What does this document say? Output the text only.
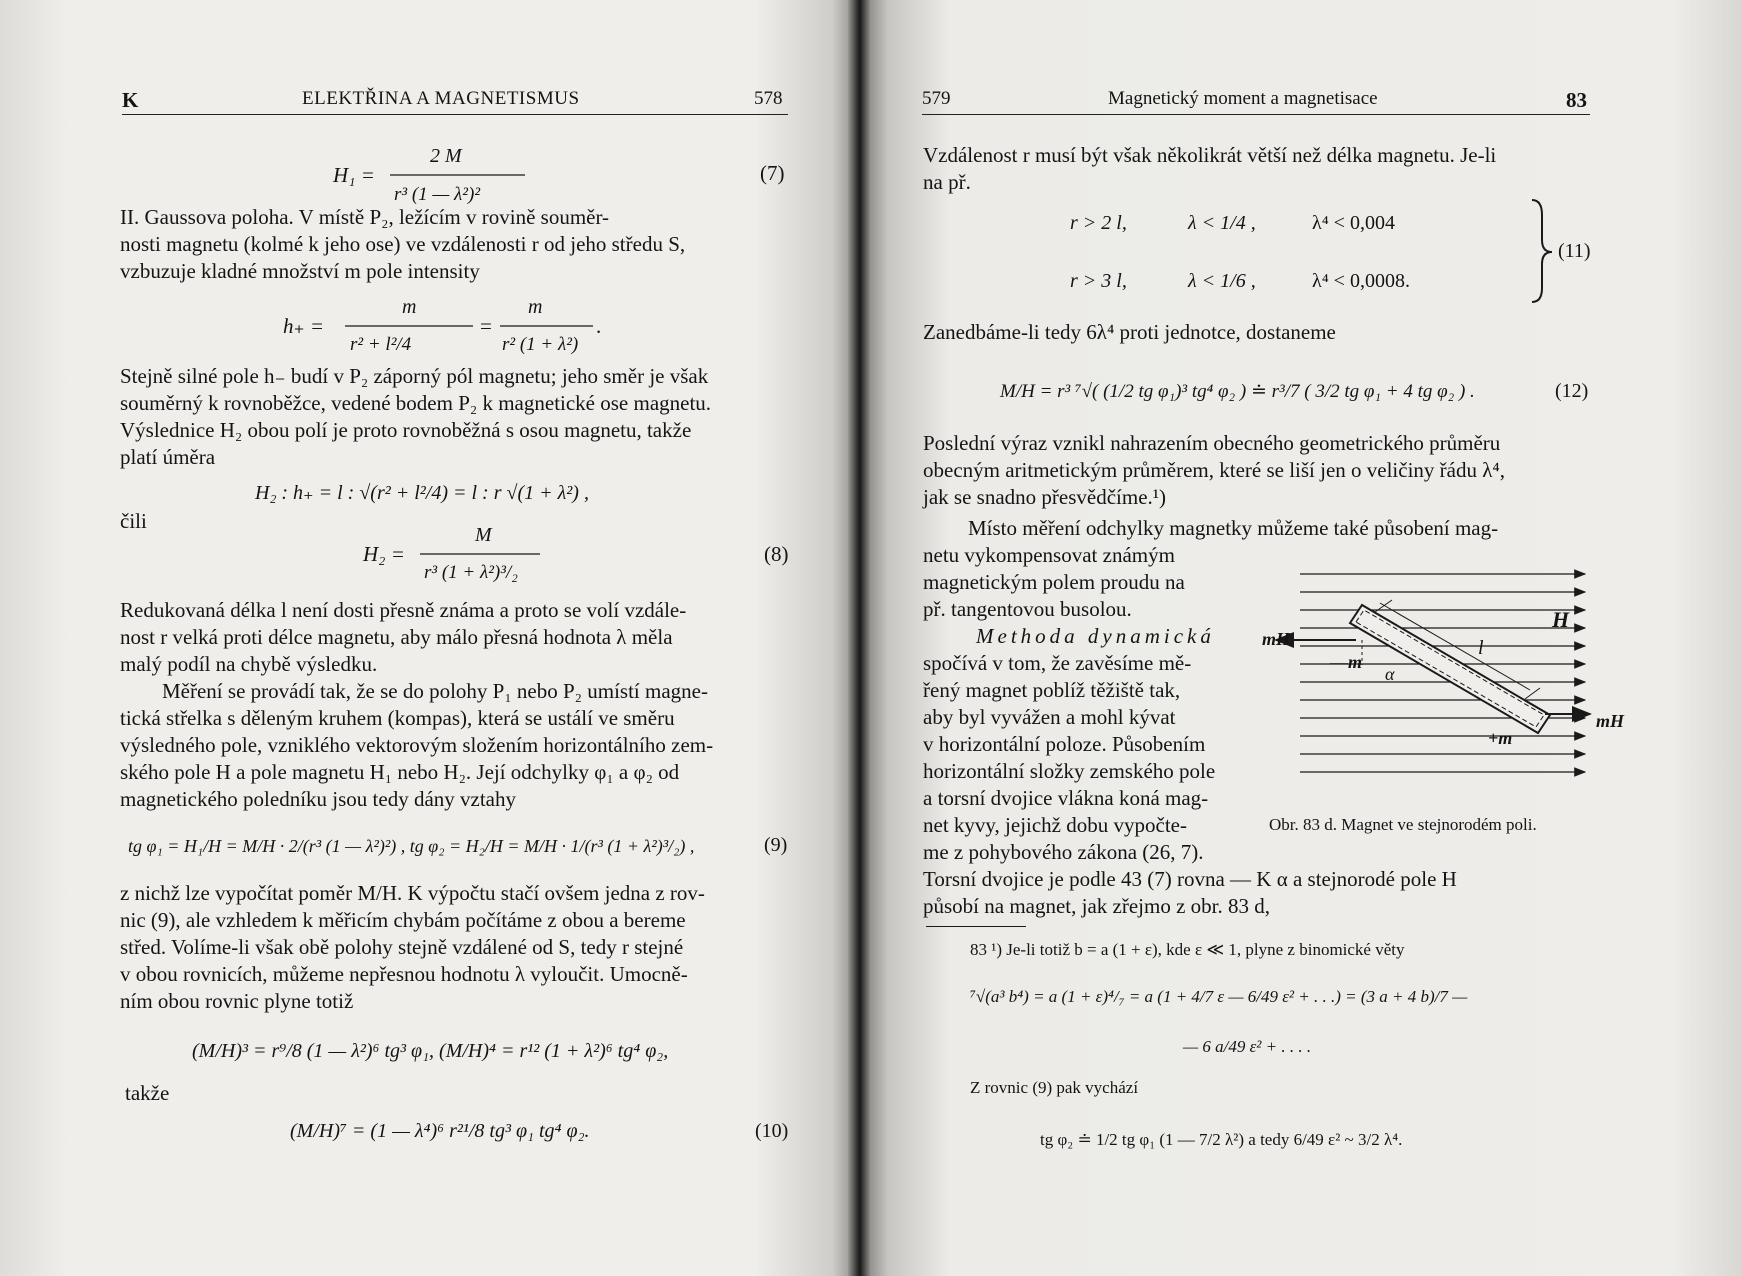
K	ELEKTŘINA A MAGNETISMUS	578
H₁ =
2 M
r³ (1 — λ²)²
(7)
h₊ =
m
r² + l²/4
=
m
r² (1 + λ²)
.
H₂ =
M
r³ (1 + λ²)³/₂
(8)
II. Gaussova poloha. V místě P₂, ležícím v rovině souměr-
nosti magnetu (kolmé k jeho ose) ve vzdálenosti r od jeho středu S,
vzbuzuje kladné množství m pole intensity
Stejně silné pole h₋ budí v P₂ záporný pól magnetu; jeho směr je však
souměrný k rovnoběžce, vedené bodem P₂ k magnetické ose magnetu.
Výslednice H₂ obou polí je proto rovnoběžná s osou magnetu, takže
platí úměra
H₂ : h₊ = l : √(r² + l²/4) = l : r √(1 + λ²) ,
čili
Redukovaná délka l není dosti přesně známa a proto se volí vzdále-
nost r velká proti délce magnetu, aby málo přesná hodnota λ měla
malý podíl na chybě výsledku.
Měření se provádí tak, že se do polohy P₁ nebo P₂ umístí magne-
tická střelka s děleným kruhem (kompas), která se ustálí ve směru
výsledného pole, vzniklého vektorovým složením horizontálního zem-
ského pole H a pole magnetu H₁ nebo H₂. Její odchylky φ₁ a φ₂ od
magnetického poledníku jsou tedy dány vztahy
tg φ₁ = H₁/H = M/H · 2/(r³ (1 — λ²)²) , tg φ₂ = H₂/H = M/H · 1/(r³ (1 + λ²)³/₂) ,	(9)
z nichž lze vypočítat poměr M/H. K výpočtu stačí ovšem jedna z rov-
nic (9), ale vzhledem k měřicím chybám počítáme z obou a bereme
střed. Volíme-li však obě polohy stejně vzdálené od S, tedy r stejné
v obou rovnicích, můžeme nepřesnou hodnotu λ vyloučit. Umocně-
ním obou rovnic plyne totiž
(M/H)³ = r⁹/8 (1 — λ²)⁶ tg³ φ₁, (M/H)⁴ = r¹² (1 + λ²)⁶ tg⁴ φ₂,
takže
(M/H)⁷ = (1 — λ⁴)⁶ r²¹/8 tg³ φ₁ tg⁴ φ₂.	(10)
579	Magnetický moment a magnetisace	83
Vzdálenost r musí být však několikrát větší než délka magnetu. Je-li
na př.
r > 2 l,	λ < 1/4 ,	λ⁴ < 0,004
r > 3 l,	λ < 1/6 ,	λ⁴ < 0,0008.
(11)
Zanedbáme-li tedy 6λ⁴ proti jednotce, dostaneme
M/H = r³ ⁷√( (1/2 tg φ₁)³ tg⁴ φ₂ ) ≐ r³/7 ( 3/2 tg φ₁ + 4 tg φ₂ ) .	(12)
Poslední výraz vznikl nahrazením obecného geometrického průměru
obecným aritmetickým průměrem, které se liší jen o veličiny řádu λ⁴,
jak se snadno přesvědčíme.¹)
Místo měření odchylky magnetky můžeme také působení mag-
netu vykompensovat známým
magnetickým polem proudu na
př. tangentovou busolou.
Methoda dynamická
spočívá v tom, že zavěsíme mě-
řený magnet poblíž těžiště tak,
aby byl vyvážen a mohl kývat
v horizontální poloze. Působením
horizontální složky zemského pole
a torsní dvojice vlákna koná mag-
net kyvy, jejichž dobu vypočte-
me z pohybového zákona (26, 7).
H
mH
mH
—m
+m
l
α
Obr. 83 d. Magnet ve stejnorodém poli.
Torsní dvojice je podle 43 (7) rovna — K α a stejnorodé pole H
působí na magnet, jak zřejmo z obr. 83 d,
83 ¹) Je-li totiž b = a (1 + ε), kde ε ≪ 1, plyne z binomické věty
⁷√(a³ b⁴) = a (1 + ε)⁴/₇ = a (1 + 4/7 ε — 6/49 ε² + . . .) = (3 a + 4 b)/7 —
— 6 a/49 ε² + . . . .
Z rovnic (9) pak vychází
tg φ₂ ≐ 1/2 tg φ₁ (1 — 7/2 λ²) a tedy 6/49 ε² ~ 3/2 λ⁴.
